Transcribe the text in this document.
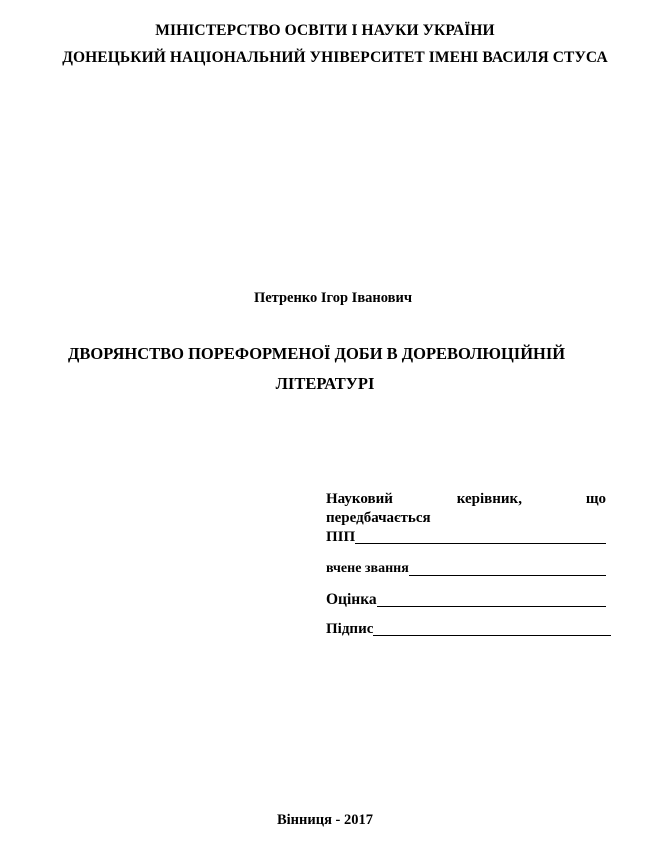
МІНІСТЕРСТВО ОСВІТИ І НАУКИ УКРАЇНИ
ДОНЕЦЬКИЙ НАЦІОНАЛЬНИЙ УНІВЕРСИТЕТ ІМЕНІ ВАСИЛЯ СТУСА
Петренко Ігор Іванович
ДВОРЯНСТВО ПОРЕФОРМЕНОЇ ДОБИ В ДОРЕВОЛЮЦІЙНІЙ
ЛІТЕРАТУРІ
Науковий	керівник,	що
передбачається
ПІП
вчене звання
Оцінка
Підпис
Вінниця - 2017
